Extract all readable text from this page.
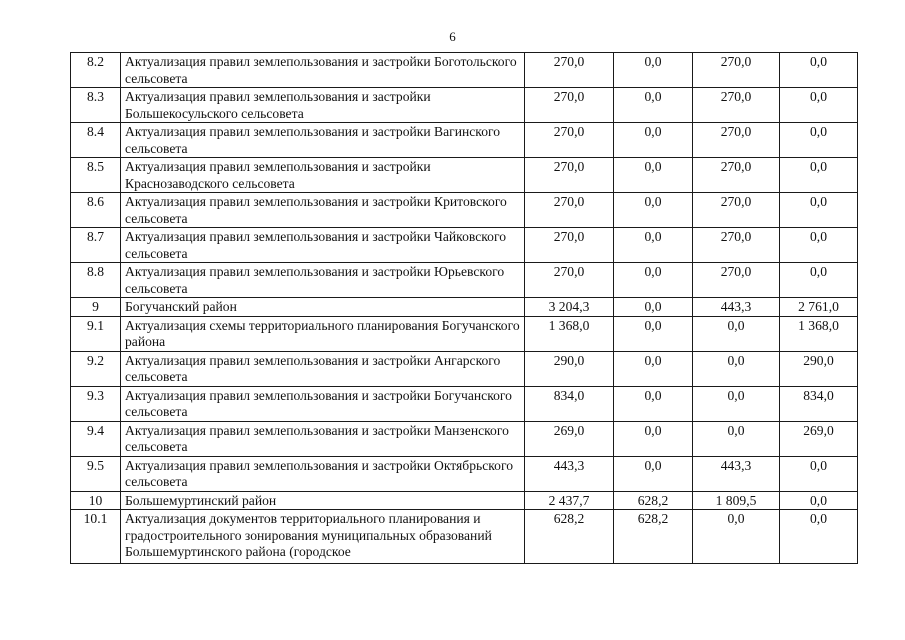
6
8.2	Актуализация правил землепользования и застройки Боготольского сельсовета	270,0	0,0	270,0	0,0
8.3	Актуализация правил землепользования и застройки Большекосульского сельсовета	270,0	0,0	270,0	0,0
8.4	Актуализация правил землепользования и застройки Вагинского сельсовета	270,0	0,0	270,0	0,0
8.5	Актуализация правил землепользования и застройки Краснозаводского сельсовета	270,0	0,0	270,0	0,0
8.6	Актуализация правил землепользования и застройки Критовского сельсовета	270,0	0,0	270,0	0,0
8.7	Актуализация правил землепользования и застройки Чайковского сельсовета	270,0	0,0	270,0	0,0
8.8	Актуализация правил землепользования и застройки Юрьевского сельсовета	270,0	0,0	270,0	0,0
9	Богучанский район	3 204,3	0,0	443,3	2 761,0
9.1	Актуализация схемы территориального планирования Богучанского района	1 368,0	0,0	0,0	1 368,0
9.2	Актуализация правил землепользования и застройки Ангарского сельсовета	290,0	0,0	0,0	290,0
9.3	Актуализация правил землепользования и застройки Богучанского сельсовета	834,0	0,0	0,0	834,0
9.4	Актуализация правил землепользования и застройки Манзенского сельсовета	269,0	0,0	0,0	269,0
9.5	Актуализация правил землепользования и застройки Октябрьского сельсовета	443,3	0,0	443,3	0,0
10	Большемуртинский район	2 437,7	628,2	1 809,5	0,0
10.1	Актуализация документов территориального планирования и градостроительного зонирования муниципальных образований Большемуртинского района (городское	628,2	628,2	0,0	0,0
